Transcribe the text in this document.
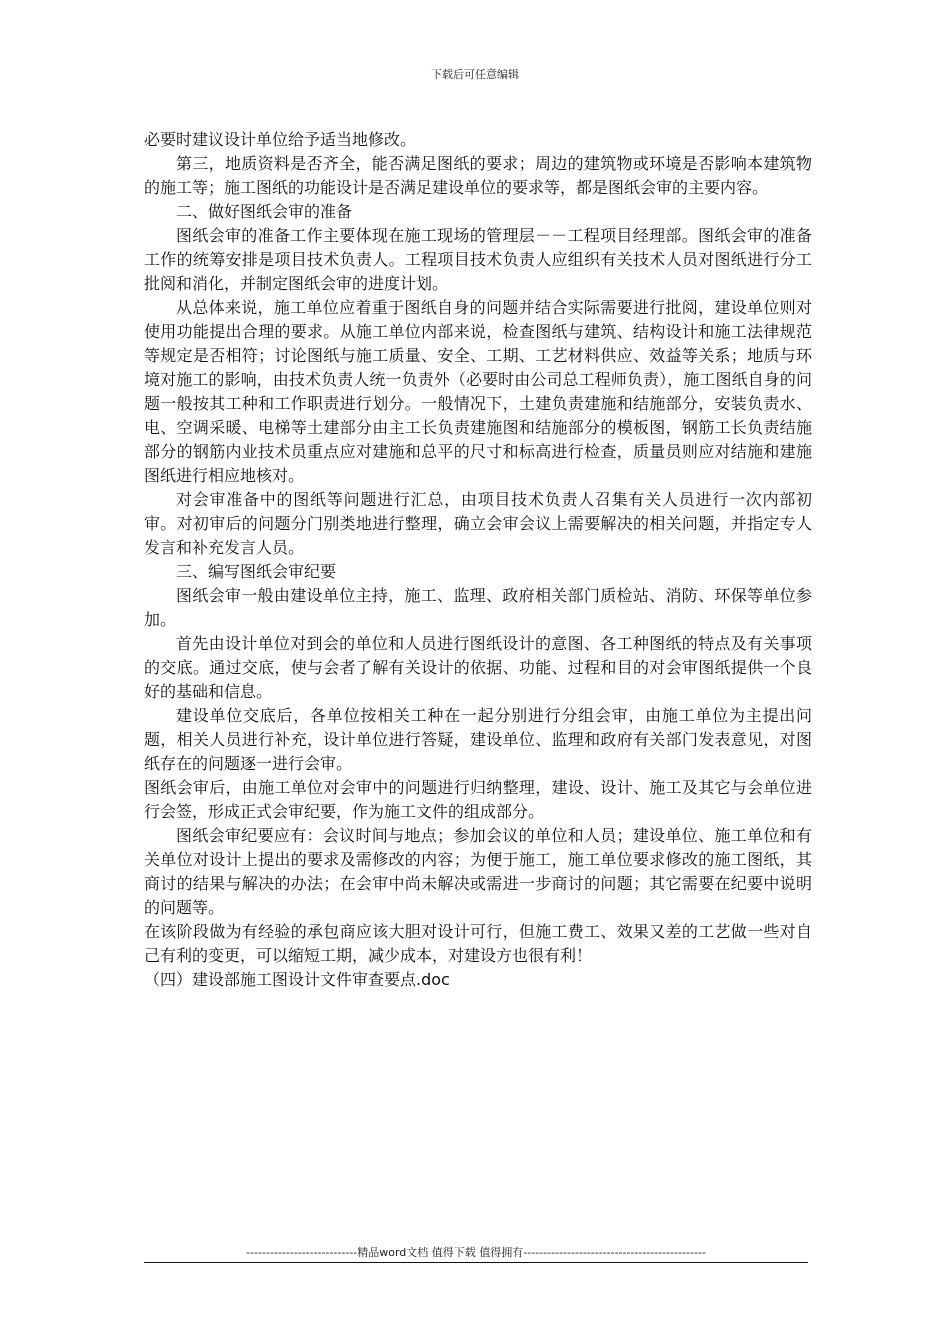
下载后可任意编辑

必要时建议设计单位给予适当地修改。

第三，地质资料是否齐全，能否满足图纸的要求；周边的建筑物或环境是否影响本建筑物的施工等；施工图纸的功能设计是否满足建设单位的要求等，都是图纸会审的主要内容。

二、做好图纸会审的准备

图纸会审的准备工作主要体现在施工现场的管理层－－工程项目经理部。图纸会审的准备工作的统筹安排是项目技术负责人。工程项目技术负责人应组织有关技术人员对图纸进行分工批阅和消化，并制定图纸会审的进度计划。

从总体来说，施工单位应着重于图纸自身的问题并结合实际需要进行批阅，建设单位则对使用功能提出合理的要求。从施工单位内部来说，检查图纸与建筑、结构设计和施工法律规范等规定是否相符；讨论图纸与施工质量、安全、工期、工艺材料供应、效益等关系；地质与环境对施工的影响，由技术负责人统一负责外（必要时由公司总工程师负责），施工图纸自身的问题一般按其工种和工作职责进行划分。一般情况下，土建负责建施和结施部分，安装负责水、电、空调采暖、电梯等土建部分由主工长负责建施图和结施部分的模板图，钢筋工长负责结施部分的钢筋内业技术员重点应对建施和总平的尺寸和标高进行检查，质量员则应对结施和建施图纸进行相应地核对。

对会审准备中的图纸等问题进行汇总，由项目技术负责人召集有关人员进行一次内部初审。对初审后的问题分门别类地进行整理，确立会审会议上需要解决的相关问题，并指定专人发言和补充发言人员。

三、编写图纸会审纪要

图纸会审一般由建设单位主持，施工、监理、政府相关部门质检站、消防、环保等单位参加。

首先由设计单位对到会的单位和人员进行图纸设计的意图、各工种图纸的特点及有关事项的交底。通过交底，使与会者了解有关设计的依据、功能、过程和目的对会审图纸提供一个良好的基础和信息。

建设单位交底后，各单位按相关工种在一起分别进行分组会审，由施工单位为主提出问题，相关人员进行补充，设计单位进行答疑，建设单位、监理和政府有关部门发表意见，对图纸存在的问题逐一进行会审。

图纸会审后，由施工单位对会审中的问题进行归纳整理，建设、设计、施工及其它与会单位进行会签，形成正式会审纪要，作为施工文件的组成部分。

图纸会审纪要应有：会议时间与地点；参加会议的单位和人员；建设单位、施工单位和有关单位对设计上提出的要求及需修改的内容；为便于施工，施工单位要求修改的施工图纸，其商讨的结果与解决的办法；在会审中尚未解决或需进一步商讨的问题；其它需要在纪要中说明的问题等。

在该阶段做为有经验的承包商应该大胆对设计可行，但施工费工、效果又差的工艺做一些对自己有利的变更，可以缩短工期，减少成本，对建设方也很有利！

（四）建设部施工图设计文件审查要点.doc

----------------------------精品word文档 值得下载 值得拥有----------------------------------------------
